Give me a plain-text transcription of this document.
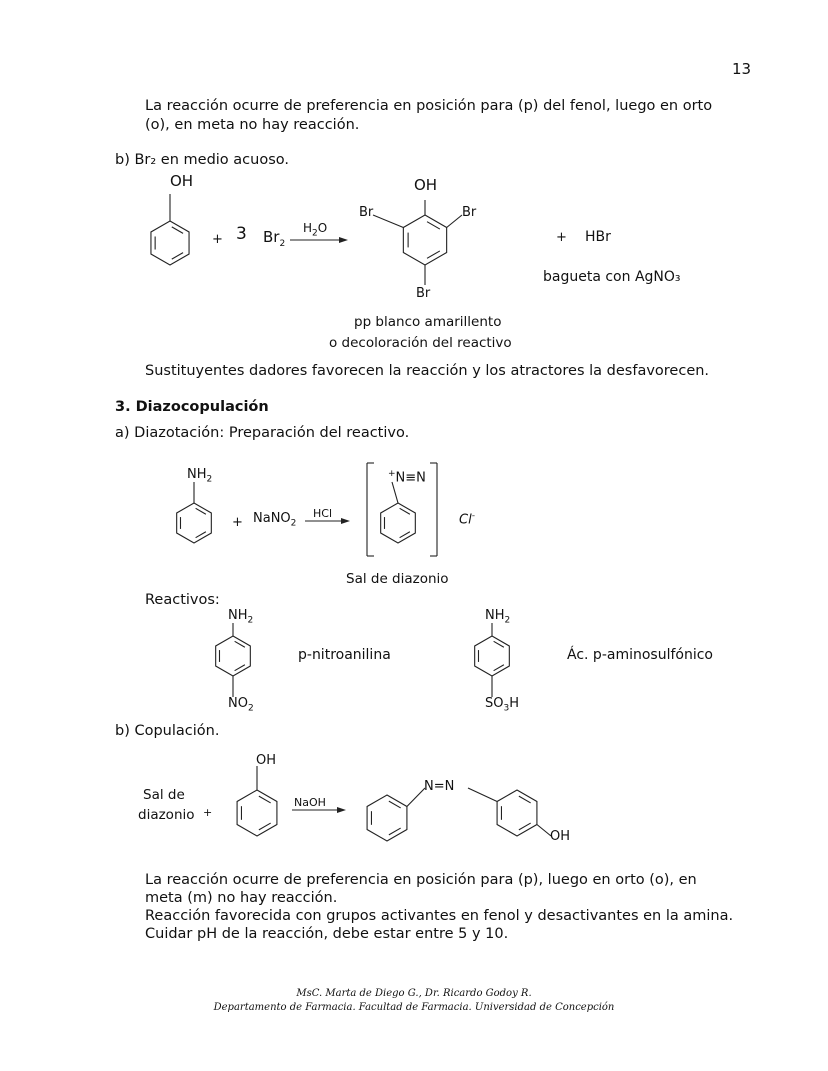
13
La reacción ocurre de preferencia en posición para (p) del fenol, luego en orto
(o), en meta no hay reacción.
b) Br₂ en medio acuoso.
OH
+ 3 $Br_2$
$H_2O$
OH
Br	Br
Br
+ HBr
bagueta con AgNO₃
pp blanco amarillento
o decoloración del reactivo
Sustituyentes dadores favorecen la reacción y los atractores la desfavorecen.
3. Diazocopulación
a) Diazotación: Preparación del reactivo.
$NH_2$
+ NaNO$_2$
HCl
+N≡N
Cl-
Sal de diazonio
Reactivos:
$NH_2$
$NO_2$
p-nitroanilina
$NH_2$
$SO_3H$
Ác. p-aminosulfónico
b) Copulación.
Sal de
diazonio +
OH
NaOH
N=N
OH
La reacción ocurre de preferencia en posición para (p), luego en orto (o), en
meta (m) no hay reacción.
Reacción favorecida con grupos activantes en fenol y desactivantes en la amina.
Cuidar pH de la reacción, debe estar entre 5 y 10.
MsC. Marta de Diego G., Dr. Ricardo Godoy R.
Departamento de Farmacia. Facultad de Farmacia. Universidad de Concepción
